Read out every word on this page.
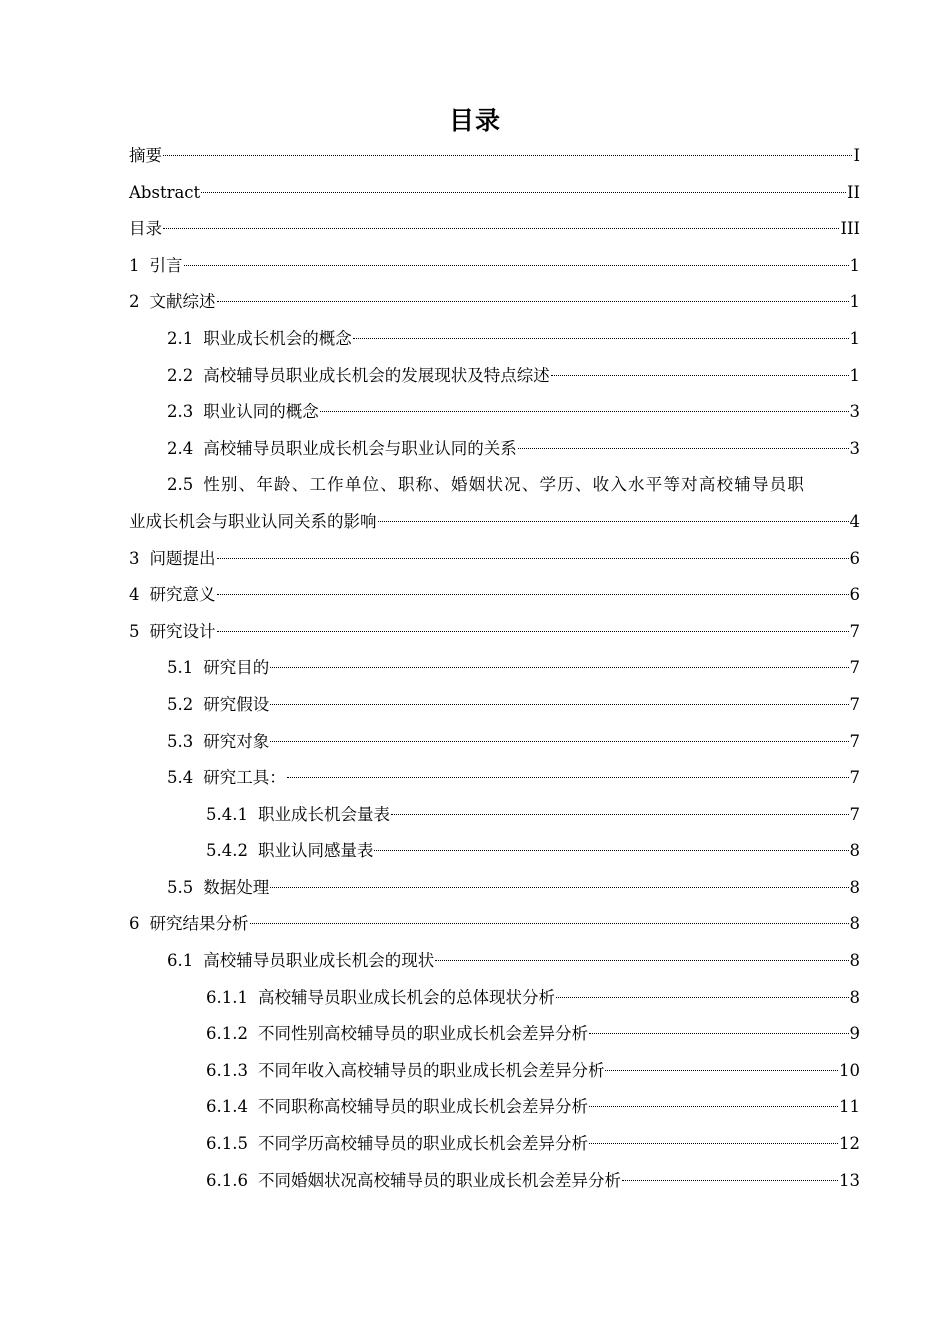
目录
摘要	I
Abstract	II
目录	III
1 引言	1
2 文献综述	1
2.1 职业成长机会的概念	1
2.2 高校辅导员职业成长机会的发展现状及特点综述	1
2.3 职业认同的概念	3
2.4 高校辅导员职业成长机会与职业认同的关系	3
2.5 性别、年龄、工作单位、职称、婚姻状况、学历、收入水平等对高校辅导员职
业成长机会与职业认同关系的影响	4
3 问题提出	6
4 研究意义	6
5 研究设计	7
5.1 研究目的	7
5.2 研究假设	7
5.3 研究对象	7
5.4 研究工具：	7
5.4.1 职业成长机会量表	7
5.4.2 职业认同感量表	8
5.5 数据处理	8
6 研究结果分析	8
6.1 高校辅导员职业成长机会的现状	8
6.1.1 高校辅导员职业成长机会的总体现状分析	8
6.1.2 不同性别高校辅导员的职业成长机会差异分析	9
6.1.3 不同年收入高校辅导员的职业成长机会差异分析	10
6.1.4 不同职称高校辅导员的职业成长机会差异分析	11
6.1.5 不同学历高校辅导员的职业成长机会差异分析	12
6.1.6 不同婚姻状况高校辅导员的职业成长机会差异分析	13
